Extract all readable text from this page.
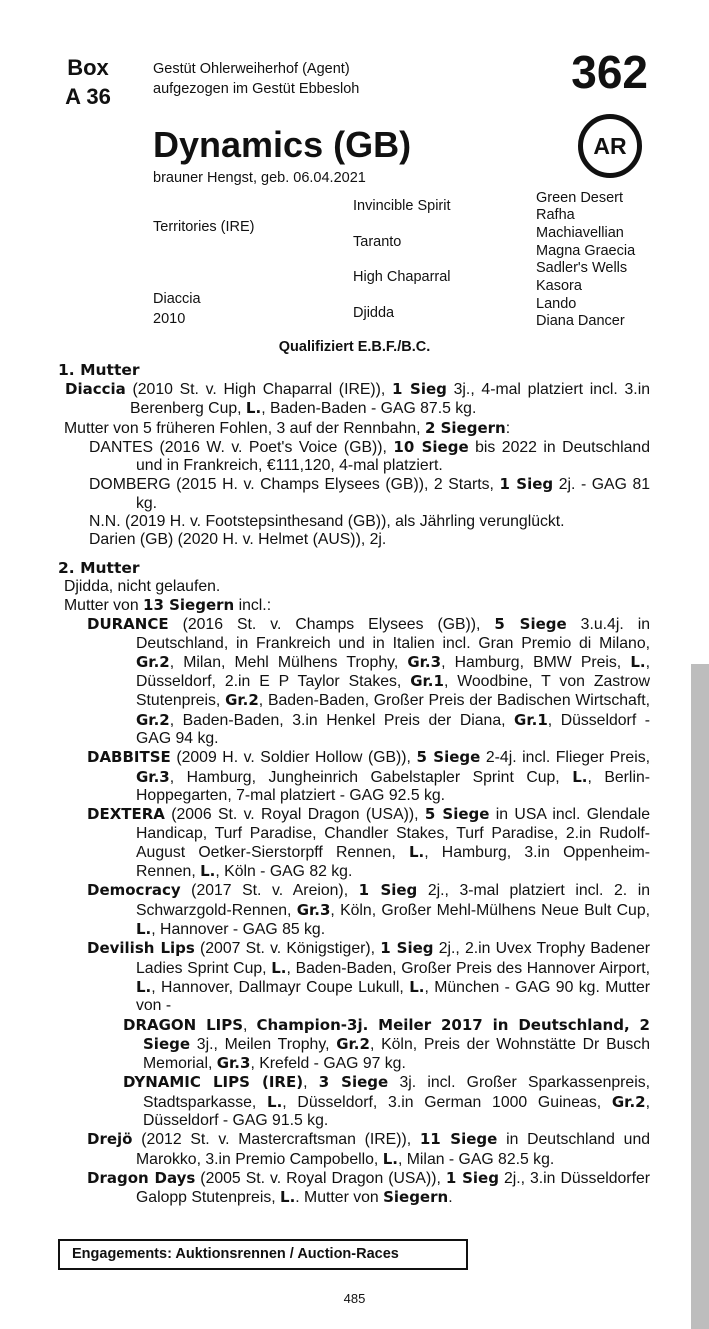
Box
A 36
Gestüt Ohlerweiherhof (Agent)
aufgezogen im Gestüt Ebbesloh	362
Dynamics (GB)	AR
brauner Hengst, geb. 06.04.2021
Territories (IRE)
Diaccia
2010
Invincible Spirit
Taranto
High Chaparral
Djidda
Green Desert
Rafha
Machiavellian
Magna Graecia
Sadler's Wells
Kasora
Lando
Diana Dancer
Qualifiziert E.B.F./B.C.
1. Mutter

Diaccia (2010 St. v. High Chaparral (IRE)), 1 Sieg 3j., 4-mal platziert incl. 3.in Berenberg Cup, L., Baden-Baden - GAG 87.5 kg.

Mutter von 5 früheren Fohlen, 3 auf der Rennbahn, 2 Siegern:

DANTES (2016 W. v. Poet's Voice (GB)), 10 Siege bis 2022 in Deutschland und in Frankreich, €111,120, 4-mal platziert.

DOMBERG (2015 H. v. Champs Elysees (GB)), 2 Starts, 1 Sieg 2j. - GAG 81 kg.

N.N. (2019 H. v. Footstepsinthesand (GB)), als Jährling verunglückt.

Darien (GB) (2020 H. v. Helmet (AUS)), 2j.

2. Mutter

Djidda, nicht gelaufen.

Mutter von 13 Siegern incl.:

DURANCE (2016 St. v. Champs Elysees (GB)), 5 Siege 3.u.4j. in Deutschland, in Frankreich und in Italien incl. Gran Premio di Milano, Gr.2, Milan, Mehl Mülhens Trophy, Gr.3, Hamburg, BMW Preis, L., Düsseldorf, 2.in E P Taylor Stakes, Gr.1, Woodbine, T von Zastrow Stutenpreis, Gr.2, Baden-Baden, Großer Preis der Badischen Wirtschaft, Gr.2, Baden-Baden, 3.in Henkel Preis der Diana, Gr.1, Düsseldorf - GAG 94 kg.

DABBITSE (2009 H. v. Soldier Hollow (GB)), 5 Siege 2-4j. incl. Flieger Preis, Gr.3, Hamburg, Jungheinrich Gabelstapler Sprint Cup, L., Berlin-Hoppegarten, 7-mal platziert - GAG 92.5 kg.

DEXTERA (2006 St. v. Royal Dragon (USA)), 5 Siege in USA incl. Glendale Handicap, Turf Paradise, Chandler Stakes, Turf Paradise, 2.in Rudolf-August Oetker-Sierstorpff Rennen, L., Hamburg, 3.in Oppenheim-Rennen, L., Köln - GAG 82 kg.

Democracy (2017 St. v. Areion), 1 Sieg 2j., 3-mal platziert incl. 2. in Schwarzgold-Rennen, Gr.3, Köln, Großer Mehl-Mülhens Neue Bult Cup, L., Hannover - GAG 85 kg.

Devilish Lips (2007 St. v. Königstiger), 1 Sieg 2j., 2.in Uvex Trophy Badener Ladies Sprint Cup, L., Baden-Baden, Großer Preis des Hannover Airport, L., Hannover, Dallmayr Coupe Lukull, L., München - GAG 90 kg. Mutter von -

DRAGON LIPS, Champion-3j. Meiler 2017 in Deutschland, 2 Siege 3j., Meilen Trophy, Gr.2, Köln, Preis der Wohnstätte Dr Busch Memorial, Gr.3, Krefeld - GAG 97 kg.

DYNAMIC LIPS (IRE), 3 Siege 3j. incl. Großer Sparkassenpreis, Stadtsparkasse, L., Düsseldorf, 3.in German 1000 Guineas, Gr.2, Düsseldorf - GAG 91.5 kg.

Drejö (2012 St. v. Mastercraftsman (IRE)), 11 Siege in Deutschland und Marokko, 3.in Premio Campobello, L., Milan - GAG 82.5 kg.

Dragon Days (2005 St. v. Royal Dragon (USA)), 1 Sieg 2j., 3.in Düsseldorfer Galopp Stutenpreis, L.. Mutter von Siegern.

Engagements: Auktionsrennen / Auction-Races
485
